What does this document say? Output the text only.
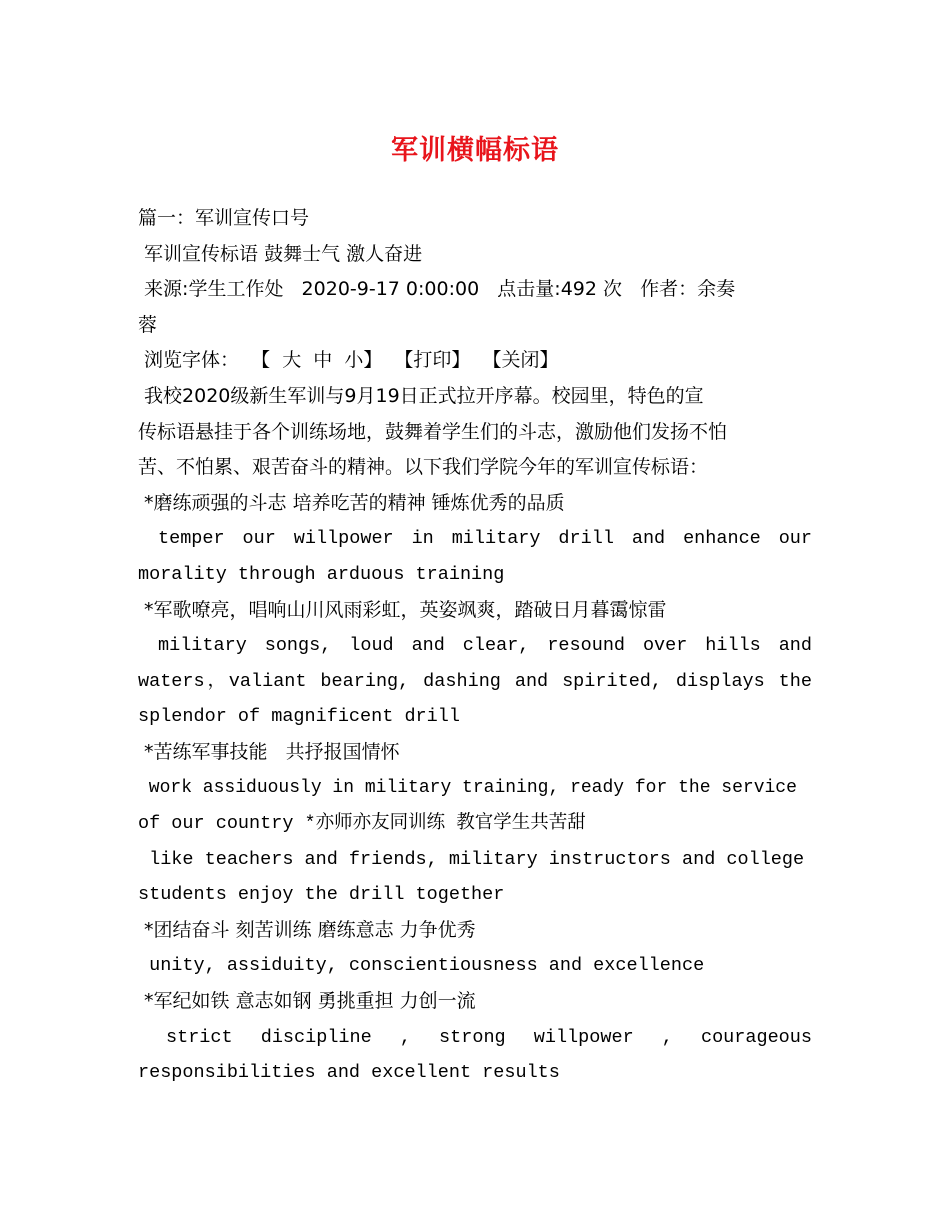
军训横幅标语
篇一：军训宣传口号
军训宣传标语 鼓舞士气 激人奋进
来源:学生工作处   2020-9-17 0:00:00   点击量:492 次   作者：余奏
蓉
浏览字体：  【  大  中  小】  【打印】  【关闭】
我校2020级新生军训与9月19日正式拉开序幕。校园里，特色的宣
传标语悬挂于各个训练场地，鼓舞着学生们的斗志，激励他们发扬不怕
苦、不怕累、艰苦奋斗的精神。以下我们学院今年的军训宣传标语：
*磨练顽强的斗志 培养吃苦的精神 锤炼优秀的品质
temper our willpower in military drill and enhance our
morality through arduous training
*军歌嘹亮，唱响山川风雨彩虹，英姿飒爽，踏破日月暮霭惊雷
military songs, loud and clear, resound over hills and
waters，valiant bearing, dashing and spirited, displays the
splendor of magnificent drill
*苦练军事技能   共抒报国情怀
work assiduously in military training, ready for the service
of our country *亦师亦友同训练 教官学生共苦甜
like teachers and friends, military instructors and college
students enjoy the drill together
*团结奋斗 刻苦训练 磨练意志 力争优秀
unity, assiduity, conscientiousness and excellence
*军纪如铁 意志如钢 勇挑重担 力创一流
strict discipline , strong willpower , courageous
responsibilities and excellent results
